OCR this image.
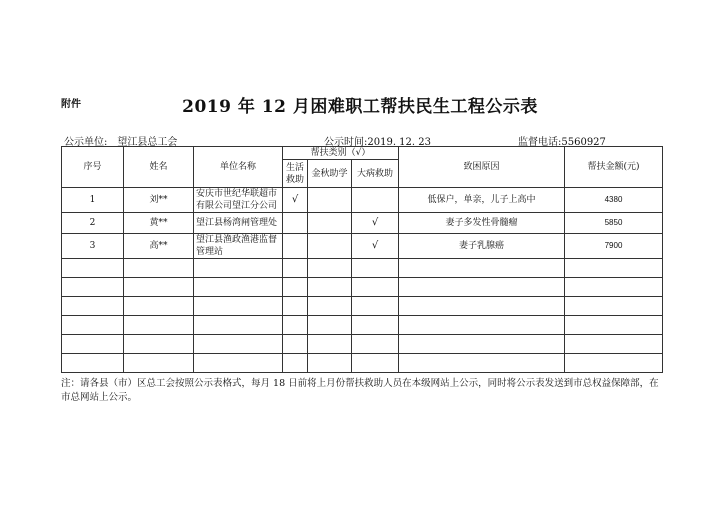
附件	2019 年 12 月困难职工帮扶民生工程公示表
公示单位: 望江县总工会	公示时间:2019. 12. 23	监督电话:5560927
序号	姓名	单位名称	帮扶类别（√）			致困原因	帮扶金额(元)
			生活救助	金秋助学	大病救助		
1	刘**	安庆市世纪华联超市有限公司望江分公司	√			低保户，单亲，儿子上高中	4380
2	黄**	望江县杨湾闸管理处			√	妻子多发性骨髓瘤	5850
3	高**	望江县渔政渔港监督管理站			√	妻子乳腺癌	7900

注：请各县（市）区总工会按照公示表格式，每月 18 日前将上月份帮扶救助人员在本级网站上公示，同时将公示表发送到市总权益保障部，在市总网站上公示。
